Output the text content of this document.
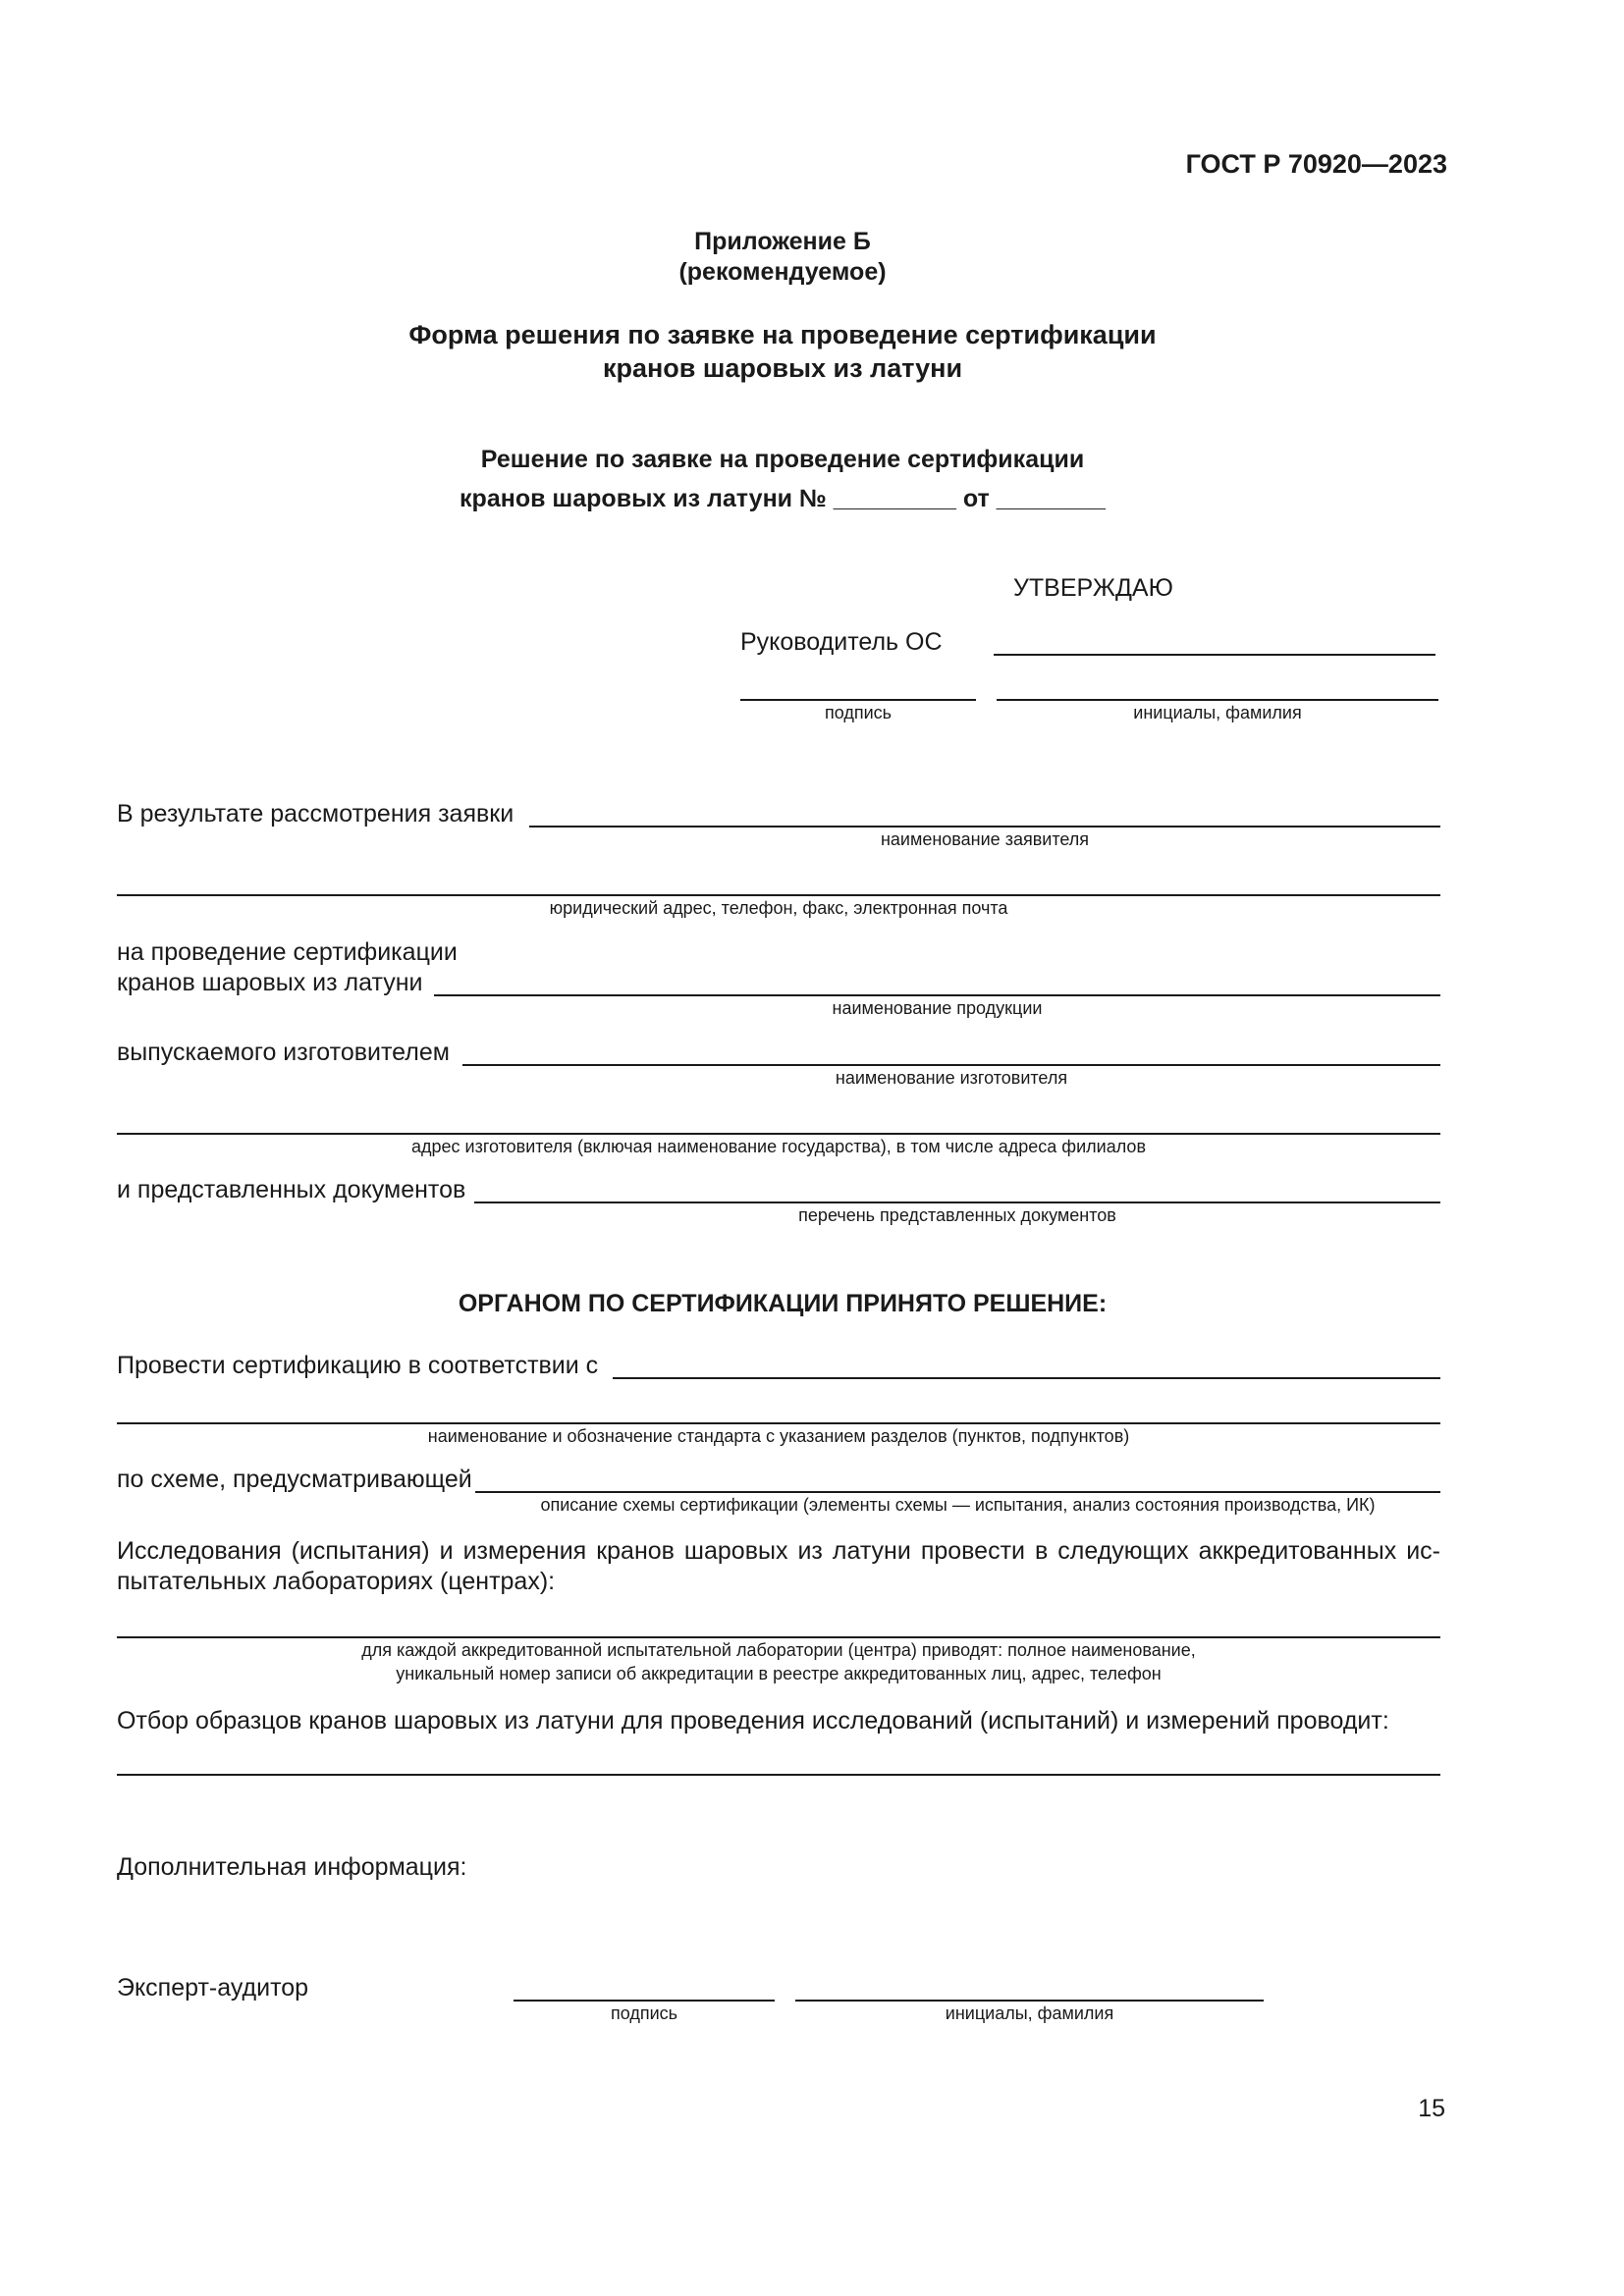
ГОСТ Р 70920—2023
Приложение Б
(рекомендуемое)
Форма решения по заявке на проведение сертификации
кранов шаровых из латуни
Решение по заявке на проведение сертификации
кранов шаровых из латуни № _________ от ________
УТВЕРЖДАЮ
Руководитель ОС
подпись	инициалы, фамилия
В результате рассмотрения заявки
наименование заявителя
юридический адрес, телефон, факс, электронная почта
на проведение сертификации
кранов шаровых из латуни
наименование продукции
выпускаемого изготовителем
наименование изготовителя
адрес изготовителя (включая наименование государства), в том числе адреса филиалов
и представленных документов
перечень представленных документов
ОРГАНОМ ПО СЕРТИФИКАЦИИ ПРИНЯТО РЕШЕНИЕ:
Провести сертификацию в соответствии с
наименование и обозначение стандарта с указанием разделов (пунктов, подпунктов)
по схеме, предусматривающей
описание схемы сертификации (элементы схемы — испытания, анализ состояния производства, ИК)
Исследования (испытания) и измерения кранов шаровых из латуни провести в следующих аккредитованных ис-
пытательных лабораториях (центрах):
для каждой аккредитованной испытательной лаборатории (центра) приводят: полное наименование,
уникальный номер записи об аккредитации в реестре аккредитованных лиц, адрес, телефон
Отбор образцов кранов шаровых из латуни для проведения исследований (испытаний) и измерений проводит:
Дополнительная информация:
Эксперт-аудитор
подпись	инициалы, фамилия
15
